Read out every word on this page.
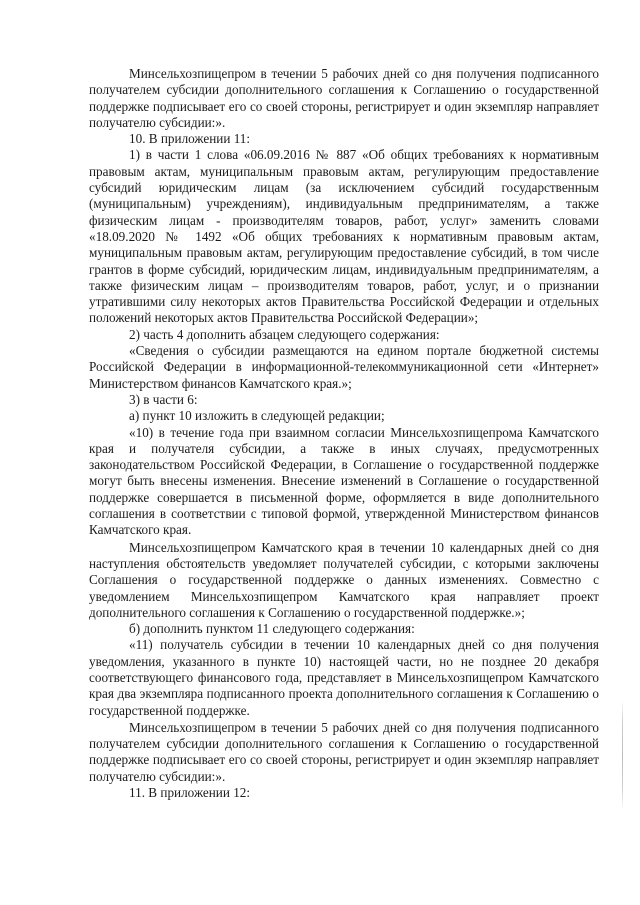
Минсельхозпищепром в течении 5 рабочих дней со дня получения подписанного получателем субсидии дополнительного соглашения к Соглашению о государственной поддержке подписывает его со своей стороны, регистрирует и один экземпляр направляет получателю субсидии:».

10. В приложении 11:

1) в части 1 слова «06.09.2016 № 887 «Об общих требованиях к нормативным правовым актам, муниципальным правовым актам, регулирующим предоставление субсидий юридическим лицам (за исключением субсидий государственным (муниципальным) учреждениям), индивидуальным предпринимателям, а также физическим лицам - производителям товаров, работ, услуг» заменить словами «18.09.2020 № 1492 «Об общих требованиях к нормативным правовым актам, муниципальным правовым актам, регулирующим предоставление субсидий, в том числе грантов в форме субсидий, юридическим лицам, индивидуальным предпринимателям, а также физическим лицам – производителям товаров, работ, услуг, и о признании утратившими силу некоторых актов Правительства Российской Федерации и отдельных положений некоторых актов Правительства Российской Федерации»;

2) часть 4 дополнить абзацем следующего содержания:

«Сведения о субсидии размещаются на едином портале бюджетной системы Российской Федерации в информационной-телекоммуникационной сети «Интернет» Министерством финансов Камчатского края.»;

3) в части 6:

а) пункт 10 изложить в следующей редакции;

«10) в течение года при взаимном согласии Минсельхозпищепрома Камчатского края и получателя субсидии, а также в иных случаях, предусмотренных законодательством Российской Федерации, в Соглашение о государственной поддержке могут быть внесены изменения. Внесение изменений в Соглашение о государственной поддержке совершается в письменной форме, оформляется в виде дополнительного соглашения в соответствии с типовой формой, утвержденной Министерством финансов Камчатского края.

Минсельхозпищепром Камчатского края в течении 10 календарных дней со дня наступления обстоятельств уведомляет получателей субсидии, с которыми заключены Соглашения о государственной поддержке о данных изменениях. Совместно с уведомлением Минсельхозпищепром Камчатского края направляет проект дополнительного соглашения к Соглашению о государственной поддержке.»;

б) дополнить пунктом 11 следующего содержания:

«11) получатель субсидии в течении 10 календарных дней со дня получения уведомления, указанного в пункте 10) настоящей части, но не позднее 20 декабря соответствующего финансового года, представляет в Минсельхозпищепром Камчатского края два экземпляра подписанного проекта дополнительного соглашения к Соглашению о государственной поддержке.

Минсельхозпищепром в течении 5 рабочих дней со дня получения подписанного получателем субсидии дополнительного соглашения к Соглашению о государственной поддержке подписывает его со своей стороны, регистрирует и один экземпляр направляет получателю субсидии:».

11. В приложении 12:
